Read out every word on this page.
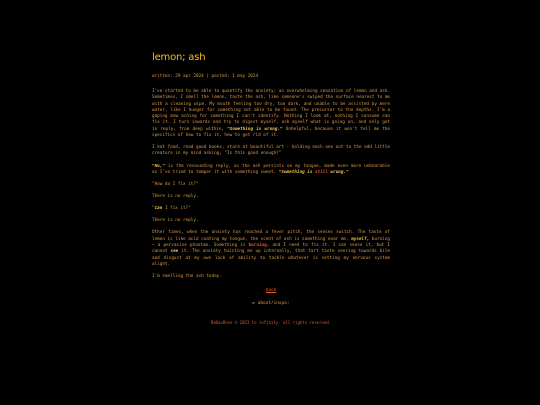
lemon; ash
written: 29 apr 2024 | posted: 1 may 2024

I've started to be able to quantify the anxiety; an overwhelming sensation of lemon and ash. Sometimes, I smell the lemon, taste the ash, like someone's swiped the surface nearest to me with a cleaning wipe. My mouth feeling too dry, too dark, and unable to be assisted by mere water, like I hunger for something not able to be found. The precursor to the depths. I'm a gaping maw aching for something I can't identify. Nothing I look at, nothing I consume can fix it. I turn inwards and try to digest myself, ask myself what is going on, and only get in reply, from deep within, "Something is wrong." Unhelpful, because it won't tell me the specifics of how to fix it, how to get rid of it.

I eat food, read good books, stare at beautiful art - holding each one out to the odd little creature in my mind asking, "Is this good enough?"

"No," is the resounding reply, as the ash persists on my tongue, made even more unbearable as I've tried to temper it with something sweet. "Something is still wrong."

"How do I fix it?"

There is no reply.

"Can I fix it?"

There is no reply.

Other times, when the anxiety has reached a fever pitch, the senses switch. The taste of lemon is like acid coating my tongue, the scent of ash is something near me, myself, burning — a pervasive phantom. Something is burning, and I need to fix it. I can sense it, but I cannot see it. The anxiety twisting me up internally, that tart taste veering towards bile and disgust at my own lack of ability to tackle whatever is setting my nervous system alight.

I'm smelling the ash today.

back
► about/inspo:
RaDoxRose © 2023 to infinity. all rights reserved.
